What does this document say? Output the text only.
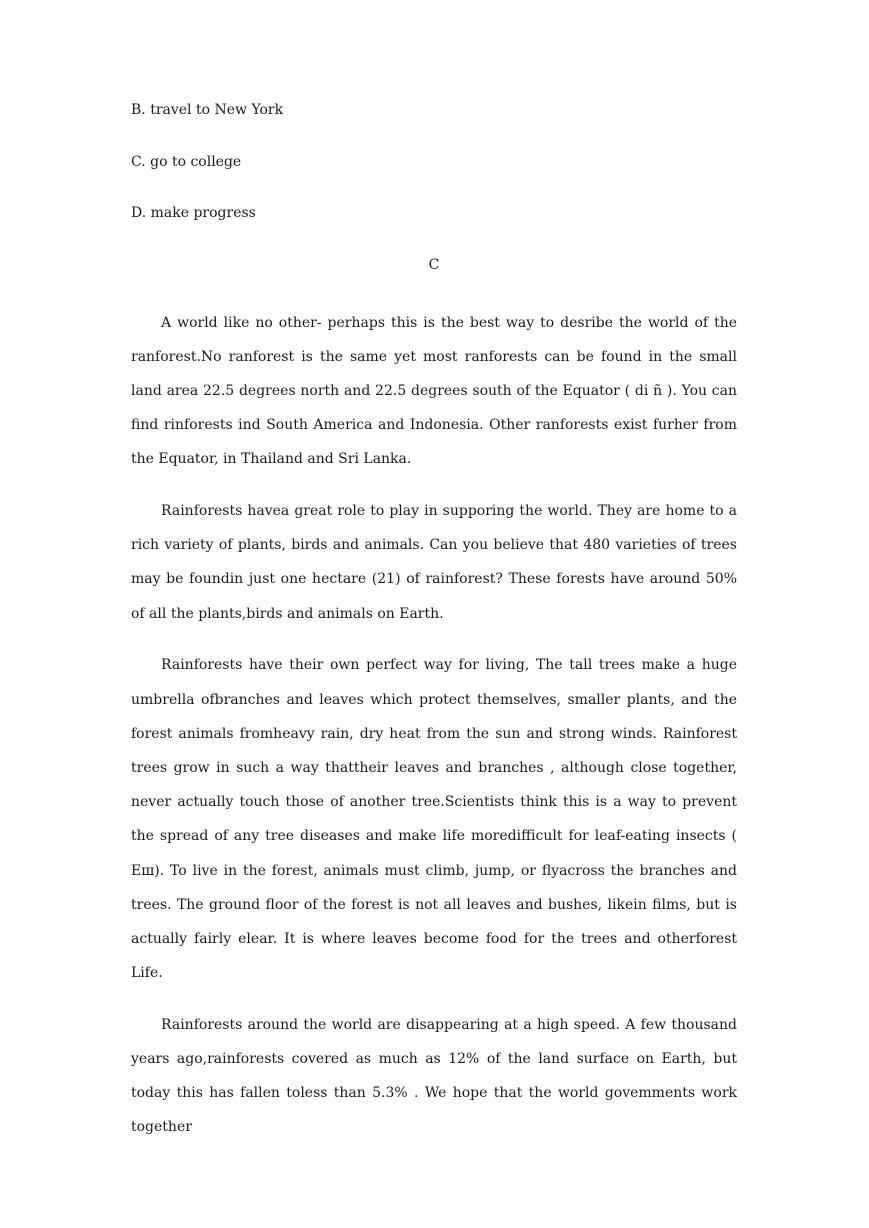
B. travel to New York
C. go to college
D. make progress
C

A world like no other- perhaps this is the best way to desribe the world of the ranforest.No ranforest is the same yet most ranforests can be found in the small land area 22.5 degrees north and 22.5 degrees south of the Equator ( di ñ ). You can find rinforests ind South America and Indonesia. Other ranforests exist furher from the Equator, in Thailand and Sri Lanka.

Rainforests havea great role to play in supporing the world. They are home to a rich variety of plants, birds and animals. Can you believe that 480 varieties of trees may be foundin just one hectare (21) of rainforest? These forests have around 50% of all the plants,birds and animals on Earth.

Rainforests have their own perfect way for living, The tall trees make a huge umbrella ofbranches and leaves which protect themselves, smaller plants, and the forest animals fromheavy rain, dry heat from the sun and strong winds. Rainforest trees grow in such a way thattheir leaves and branches , although close together, never actually touch those of another tree.Scientists think this is a way to prevent the spread of any tree diseases and make life moredifficult for leaf-eating insects ( Eш). To live in the forest, animals must climb, jump, or flyacross the branches and trees. The ground floor of the forest is not all leaves and bushes, likein films, but is actually fairly elear. It is where leaves become food for the trees and otherforest Life.

Rainforests around the world are disappearing at a high speed. A few thousand years ago,rainforests covered as much as 12% of the land surface on Earth, but today this has fallen toless than 5.3% . We hope that the world govemments work together
